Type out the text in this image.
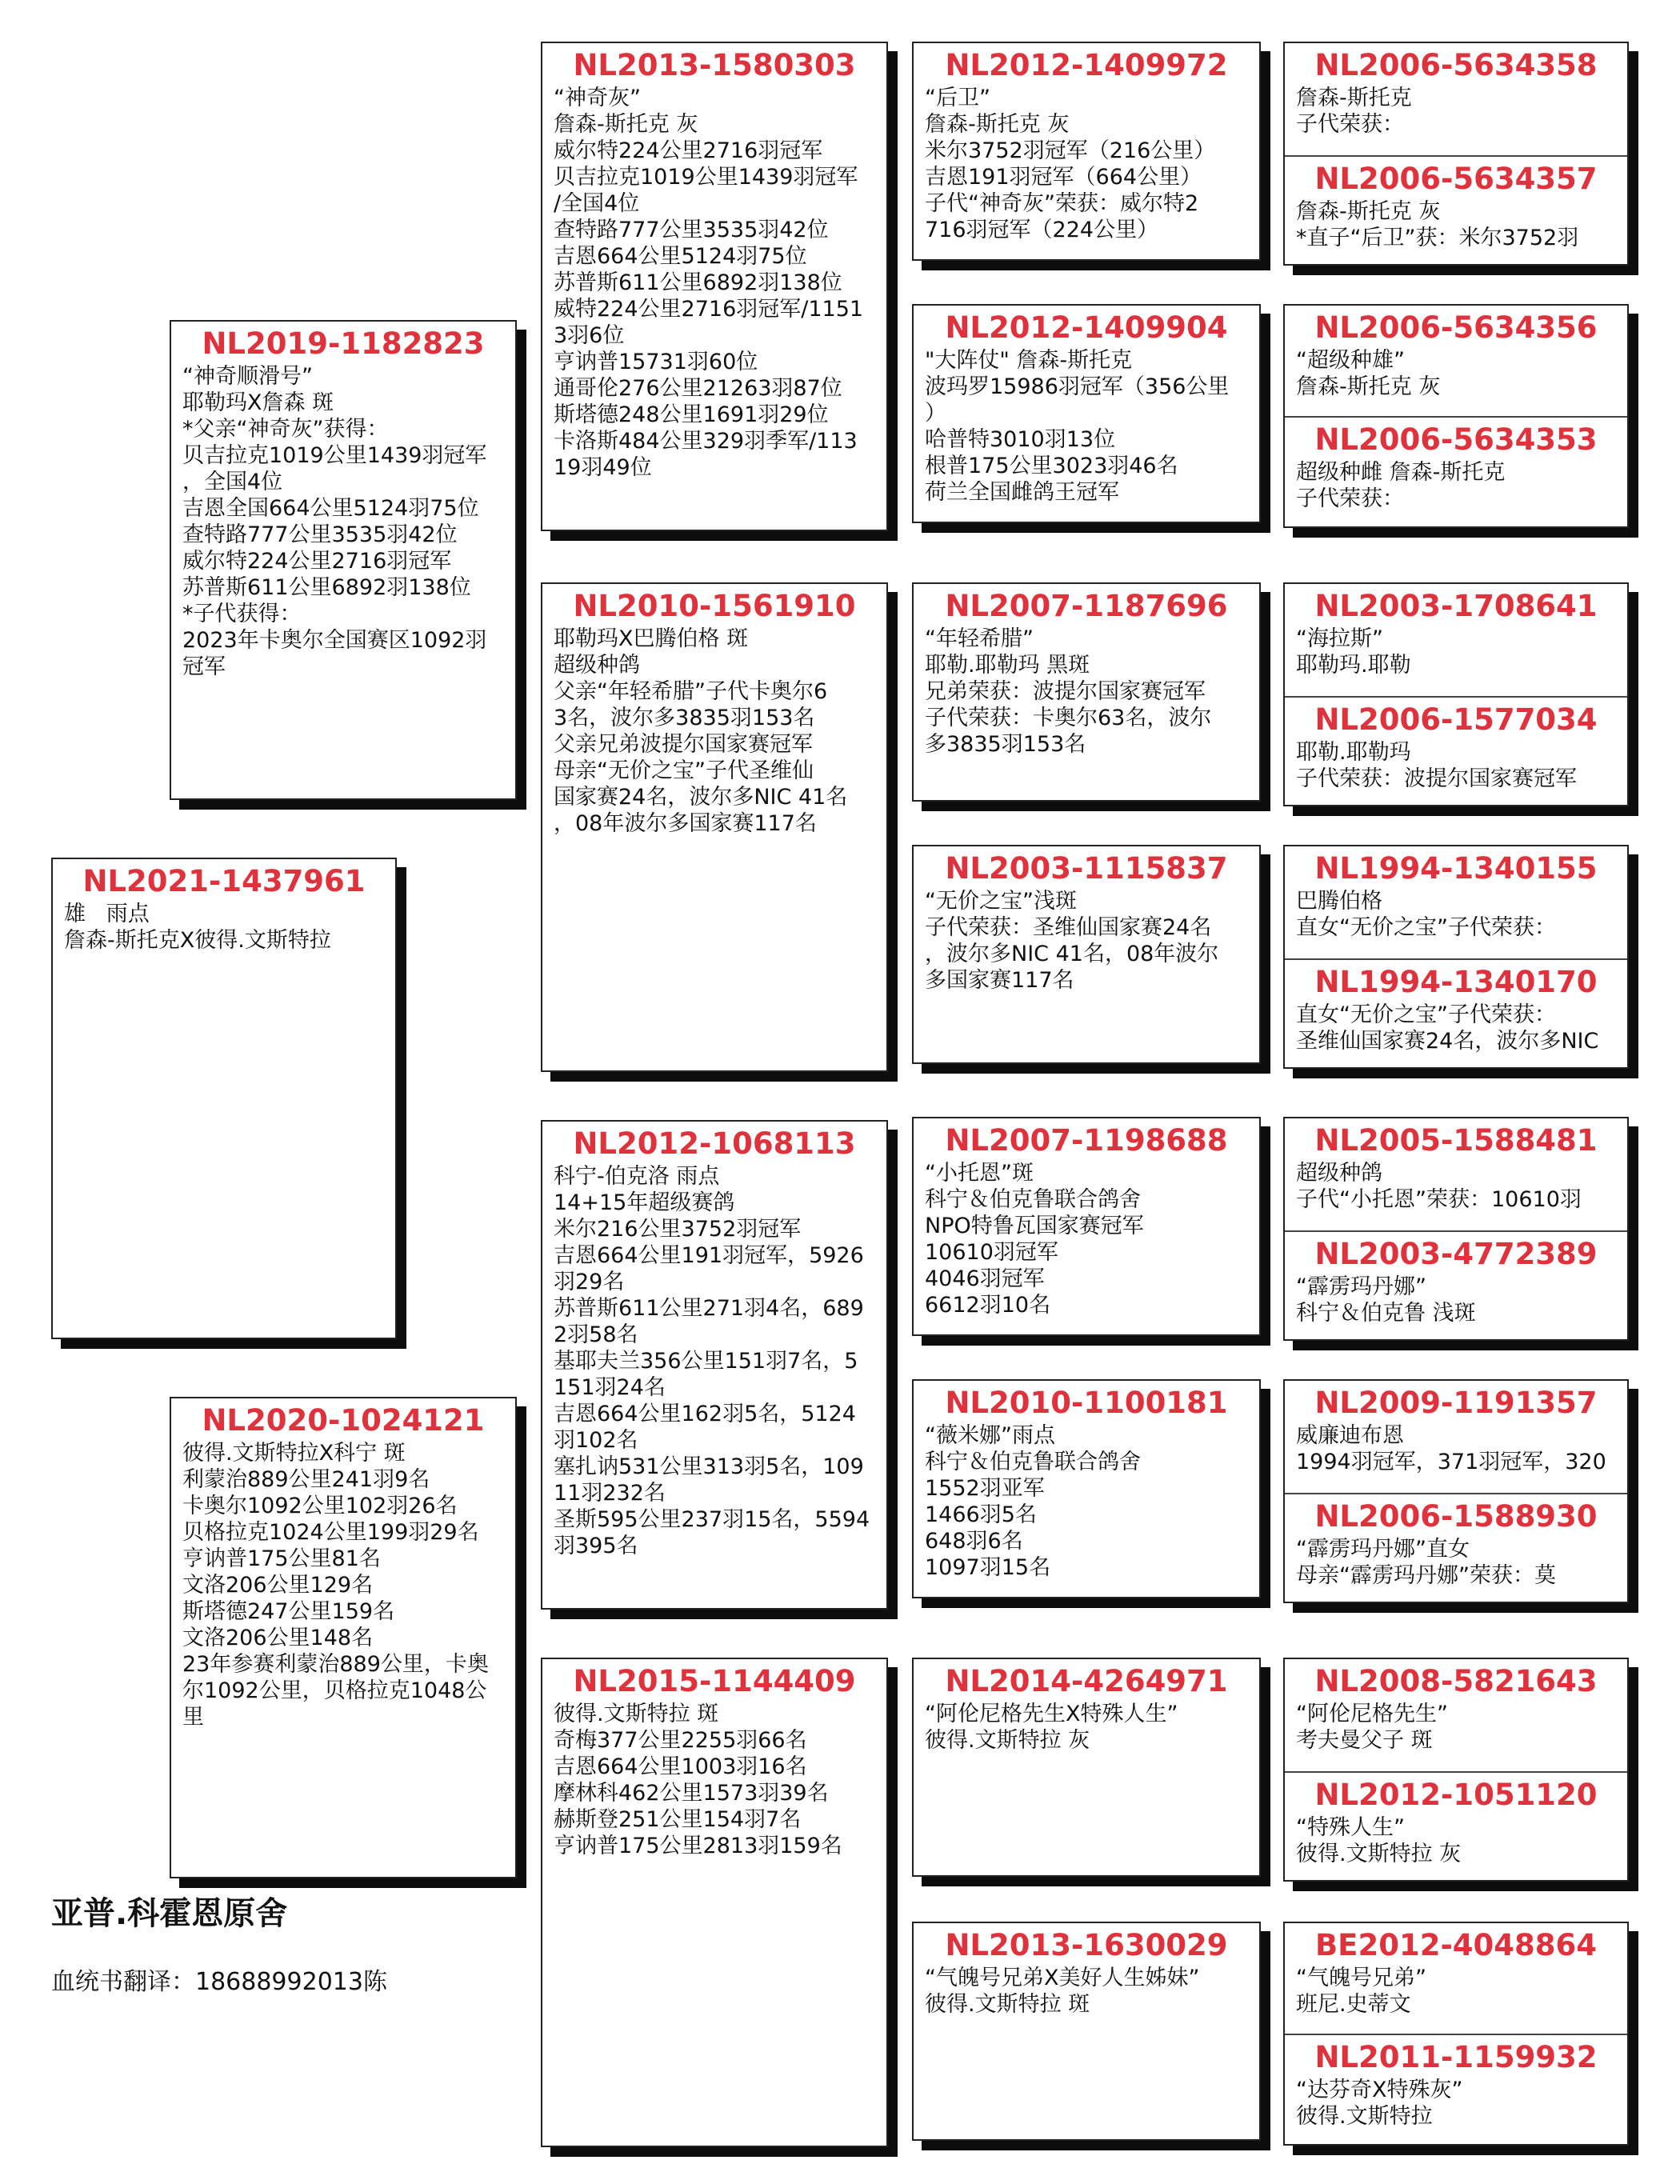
NL2021-1437961
雄   雨点
詹森-斯托克X彼得.文斯特拉
NL2019-1182823
“神奇顺滑号”
耶勒玛X詹森 斑
*父亲“神奇灰”获得：
贝吉拉克1019公里1439羽冠军
，全国4位
吉恩全国664公里5124羽75位
查特路777公里3535羽42位
威尔特224公里2716羽冠军
苏普斯611公里6892羽138位
*子代获得：
2023年卡奥尔全国赛区1092羽
冠军
NL2020-1024121
彼得.文斯特拉X科宁 斑
利蒙治889公里241羽9名
卡奥尔1092公里102羽26名
贝格拉克1024公里199羽29名
亨讷普175公里81名
文洛206公里129名
斯塔德247公里159名
文洛206公里148名
23年参赛利蒙治889公里，卡奥
尔1092公里，贝格拉克1048公
里
NL2013-1580303
“神奇灰”
詹森-斯托克 灰
威尔特224公里2716羽冠军
贝吉拉克1019公里1439羽冠军
/全国4位
查特路777公里3535羽42位
吉恩664公里5124羽75位
苏普斯611公里6892羽138位
威特224公里2716羽冠军/1151
3羽6位
亨讷普15731羽60位
通哥伦276公里21263羽87位
斯塔德248公里1691羽29位
卡洛斯484公里329羽季军/113
19羽49位
NL2010-1561910
耶勒玛X巴腾伯格 斑
超级种鸽
父亲“年轻希腊”子代卡奥尔6
3名，波尔多3835羽153名
父亲兄弟波提尔国家赛冠军
母亲“无价之宝”子代圣维仙
国家赛24名，波尔多NIC 41名
，08年波尔多国家赛117名
NL2012-1068113
科宁-伯克洛 雨点
14+15年超级赛鸽
米尔216公里3752羽冠军
吉恩664公里191羽冠军，5926
羽29名
苏普斯611公里271羽4名，689
2羽58名
基耶夫兰356公里151羽7名，5
151羽24名
吉恩664公里162羽5名，5124
羽102名
塞扎讷531公里313羽5名，109
11羽232名
圣斯595公里237羽15名，5594
羽395名
NL2015-1144409
彼得.文斯特拉 斑
奇梅377公里2255羽66名
吉恩664公里1003羽16名
摩林科462公里1573羽39名
赫斯登251公里154羽7名
亨讷普175公里2813羽159名
NL2012-1409972
“后卫”
詹森-斯托克 灰
米尔3752羽冠军（216公里）
吉恩191羽冠军（664公里）
子代“神奇灰”荣获：威尔特2
716羽冠军（224公里）
NL2012-1409904
"大阵仗" 詹森-斯托克
波玛罗15986羽冠军（356公里
）
哈普特3010羽13位
根普175公里3023羽46名
荷兰全国雌鸽王冠军
NL2007-1187696
“年轻希腊”
耶勒.耶勒玛 黑斑
兄弟荣获：波提尔国家赛冠军
子代荣获：卡奥尔63名，波尔
多3835羽153名
NL2003-1115837
“无价之宝”浅斑
子代荣获：圣维仙国家赛24名
，波尔多NIC 41名，08年波尔
多国家赛117名
NL2007-1198688
“小托恩”斑
科宁＆伯克鲁联合鸽舍
NPO特鲁瓦国家赛冠军
10610羽冠军
4046羽冠军
6612羽10名
NL2010-1100181
“薇米娜”雨点
科宁＆伯克鲁联合鸽舍
1552羽亚军
1466羽5名
648羽6名
1097羽15名
NL2014-4264971
“阿伦尼格先生X特殊人生”
彼得.文斯特拉 灰
NL2013-1630029
“气魄号兄弟X美好人生姊妹”
彼得.文斯特拉 斑
NL2006-5634358
詹森-斯托克
子代荣获：
NL2006-5634357
詹森-斯托克 灰
*直子“后卫”获：米尔3752羽
NL2006-5634356
“超级种雄”
詹森-斯托克 灰
NL2006-5634353
超级种雌 詹森-斯托克
子代荣获：
NL2003-1708641
“海拉斯”
耶勒玛.耶勒
NL2006-1577034
耶勒.耶勒玛
子代荣获：波提尔国家赛冠军
NL1994-1340155
巴腾伯格
直女“无价之宝”子代荣获：
NL1994-1340170
直女“无价之宝”子代荣获：
圣维仙国家赛24名，波尔多NIC
NL2005-1588481
超级种鸽
子代“小托恩”荣获：10610羽
NL2003-4772389
“霹雳玛丹娜”
科宁＆伯克鲁 浅斑
NL2009-1191357
威廉迪布恩
1994羽冠军，371羽冠军，320
NL2006-1588930
“霹雳玛丹娜”直女
母亲“霹雳玛丹娜”荣获：莫
NL2008-5821643
“阿伦尼格先生”
考夫曼父子 斑
NL2012-1051120
“特殊人生”
彼得.文斯特拉 灰
BE2012-4048864
“气魄号兄弟”
班尼.史蒂文
NL2011-1159932
“达芬奇X特殊灰”
彼得.文斯特拉
亚普.科霍恩原舍
血统书翻译：18688992013陈
